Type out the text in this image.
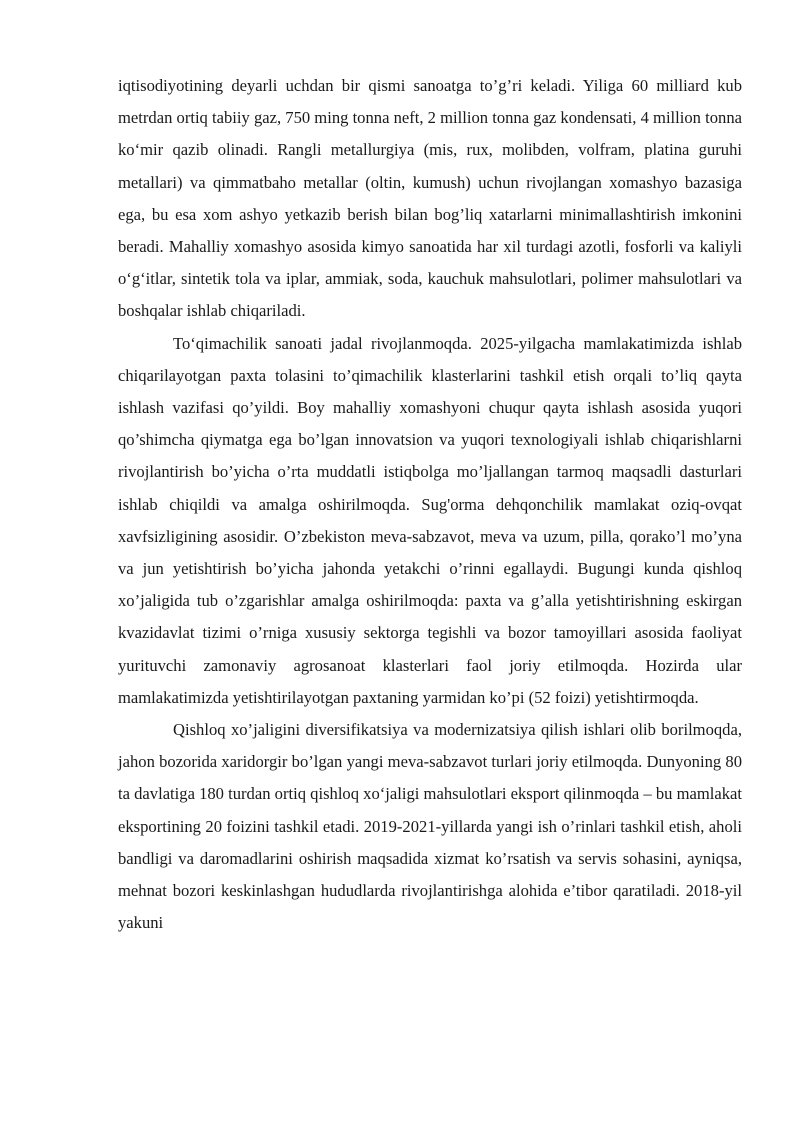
iqtisodiyotining deyarli uchdan bir qismi sanoatga to’g’ri keladi. Yiliga 60 milliard kub metrdan ortiq tabiiy gaz, 750 ming tonna neft, 2 million tonna gaz kondensati, 4 million tonna ko‘mir qazib olinadi. Rangli metallurgiya (mis, rux, molibden, volfram, platina guruhi metallari) va qimmatbaho metallar (oltin, kumush) uchun rivojlangan xomashyo bazasiga ega, bu esa xom ashyo yetkazib berish bilan bog’liq xatarlarni minimallashtirish imkonini beradi. Mahalliy xomashyo asosida kimyo sanoatida har xil turdagi azotli, fosforli va kaliyli o‘g‘itlar, sintetik tola va iplar, ammiak, soda, kauchuk mahsulotlari, polimer mahsulotlari va boshqalar ishlab chiqariladi.

To‘qimachilik sanoati jadal rivojlanmoqda. 2025-yilgacha mamlakatimizda ishlab chiqarilayotgan paxta tolasini to’qimachilik klasterlarini tashkil etish orqali to’liq qayta ishlash vazifasi qo’yildi. Boy mahalliy xomashyoni chuqur qayta ishlash asosida yuqori qo’shimcha qiymatga ega bo’lgan innovatsion va yuqori texnologiyali ishlab chiqarishlarni rivojlantirish bo’yicha o’rta muddatli istiqbolga mo’ljallangan tarmoq maqsadli dasturlari ishlab chiqildi va amalga oshirilmoqda. Sug'orma dehqonchilik mamlakat oziq-ovqat xavfsizligining asosidir. O’zbekiston meva-sabzavot, meva va uzum, pilla, qorako’l mo’yna va jun yetishtirish bo’yicha jahonda yetakchi o’rinni egallaydi. Bugungi kunda qishloq xo’jaligida tub o’zgarishlar amalga oshirilmoqda: paxta va g’alla yetishtirishning eskirgan kvazidavlat tizimi o’rniga xususiy sektorga tegishli va bozor tamoyillari asosida faoliyat yurituvchi zamonaviy agrosanoat klasterlari faol joriy etilmoqda. Hozirda ular mamlakatimizda yetishtirilayotgan paxtaning yarmidan ko’pi (52 foizi) yetishtirmoqda.

Qishloq xo’jaligini diversifikatsiya va modernizatsiya qilish ishlari olib borilmoqda, jahon bozorida xaridorgir bo’lgan yangi meva-sabzavot turlari joriy etilmoqda. Dunyoning 80 ta davlatiga 180 turdan ortiq qishloq xo‘jaligi mahsulotlari eksport qilinmoqda – bu mamlakat eksportining 20 foizini tashkil etadi. 2019-2021-yillarda yangi ish o’rinlari tashkil etish, aholi bandligi va daromadlarini oshirish maqsadida xizmat ko’rsatish va servis sohasini, ayniqsa, mehnat bozori keskinlashgan hududlarda rivojlantirishga alohida e’tibor qaratiladi. 2018-yil yakuni
